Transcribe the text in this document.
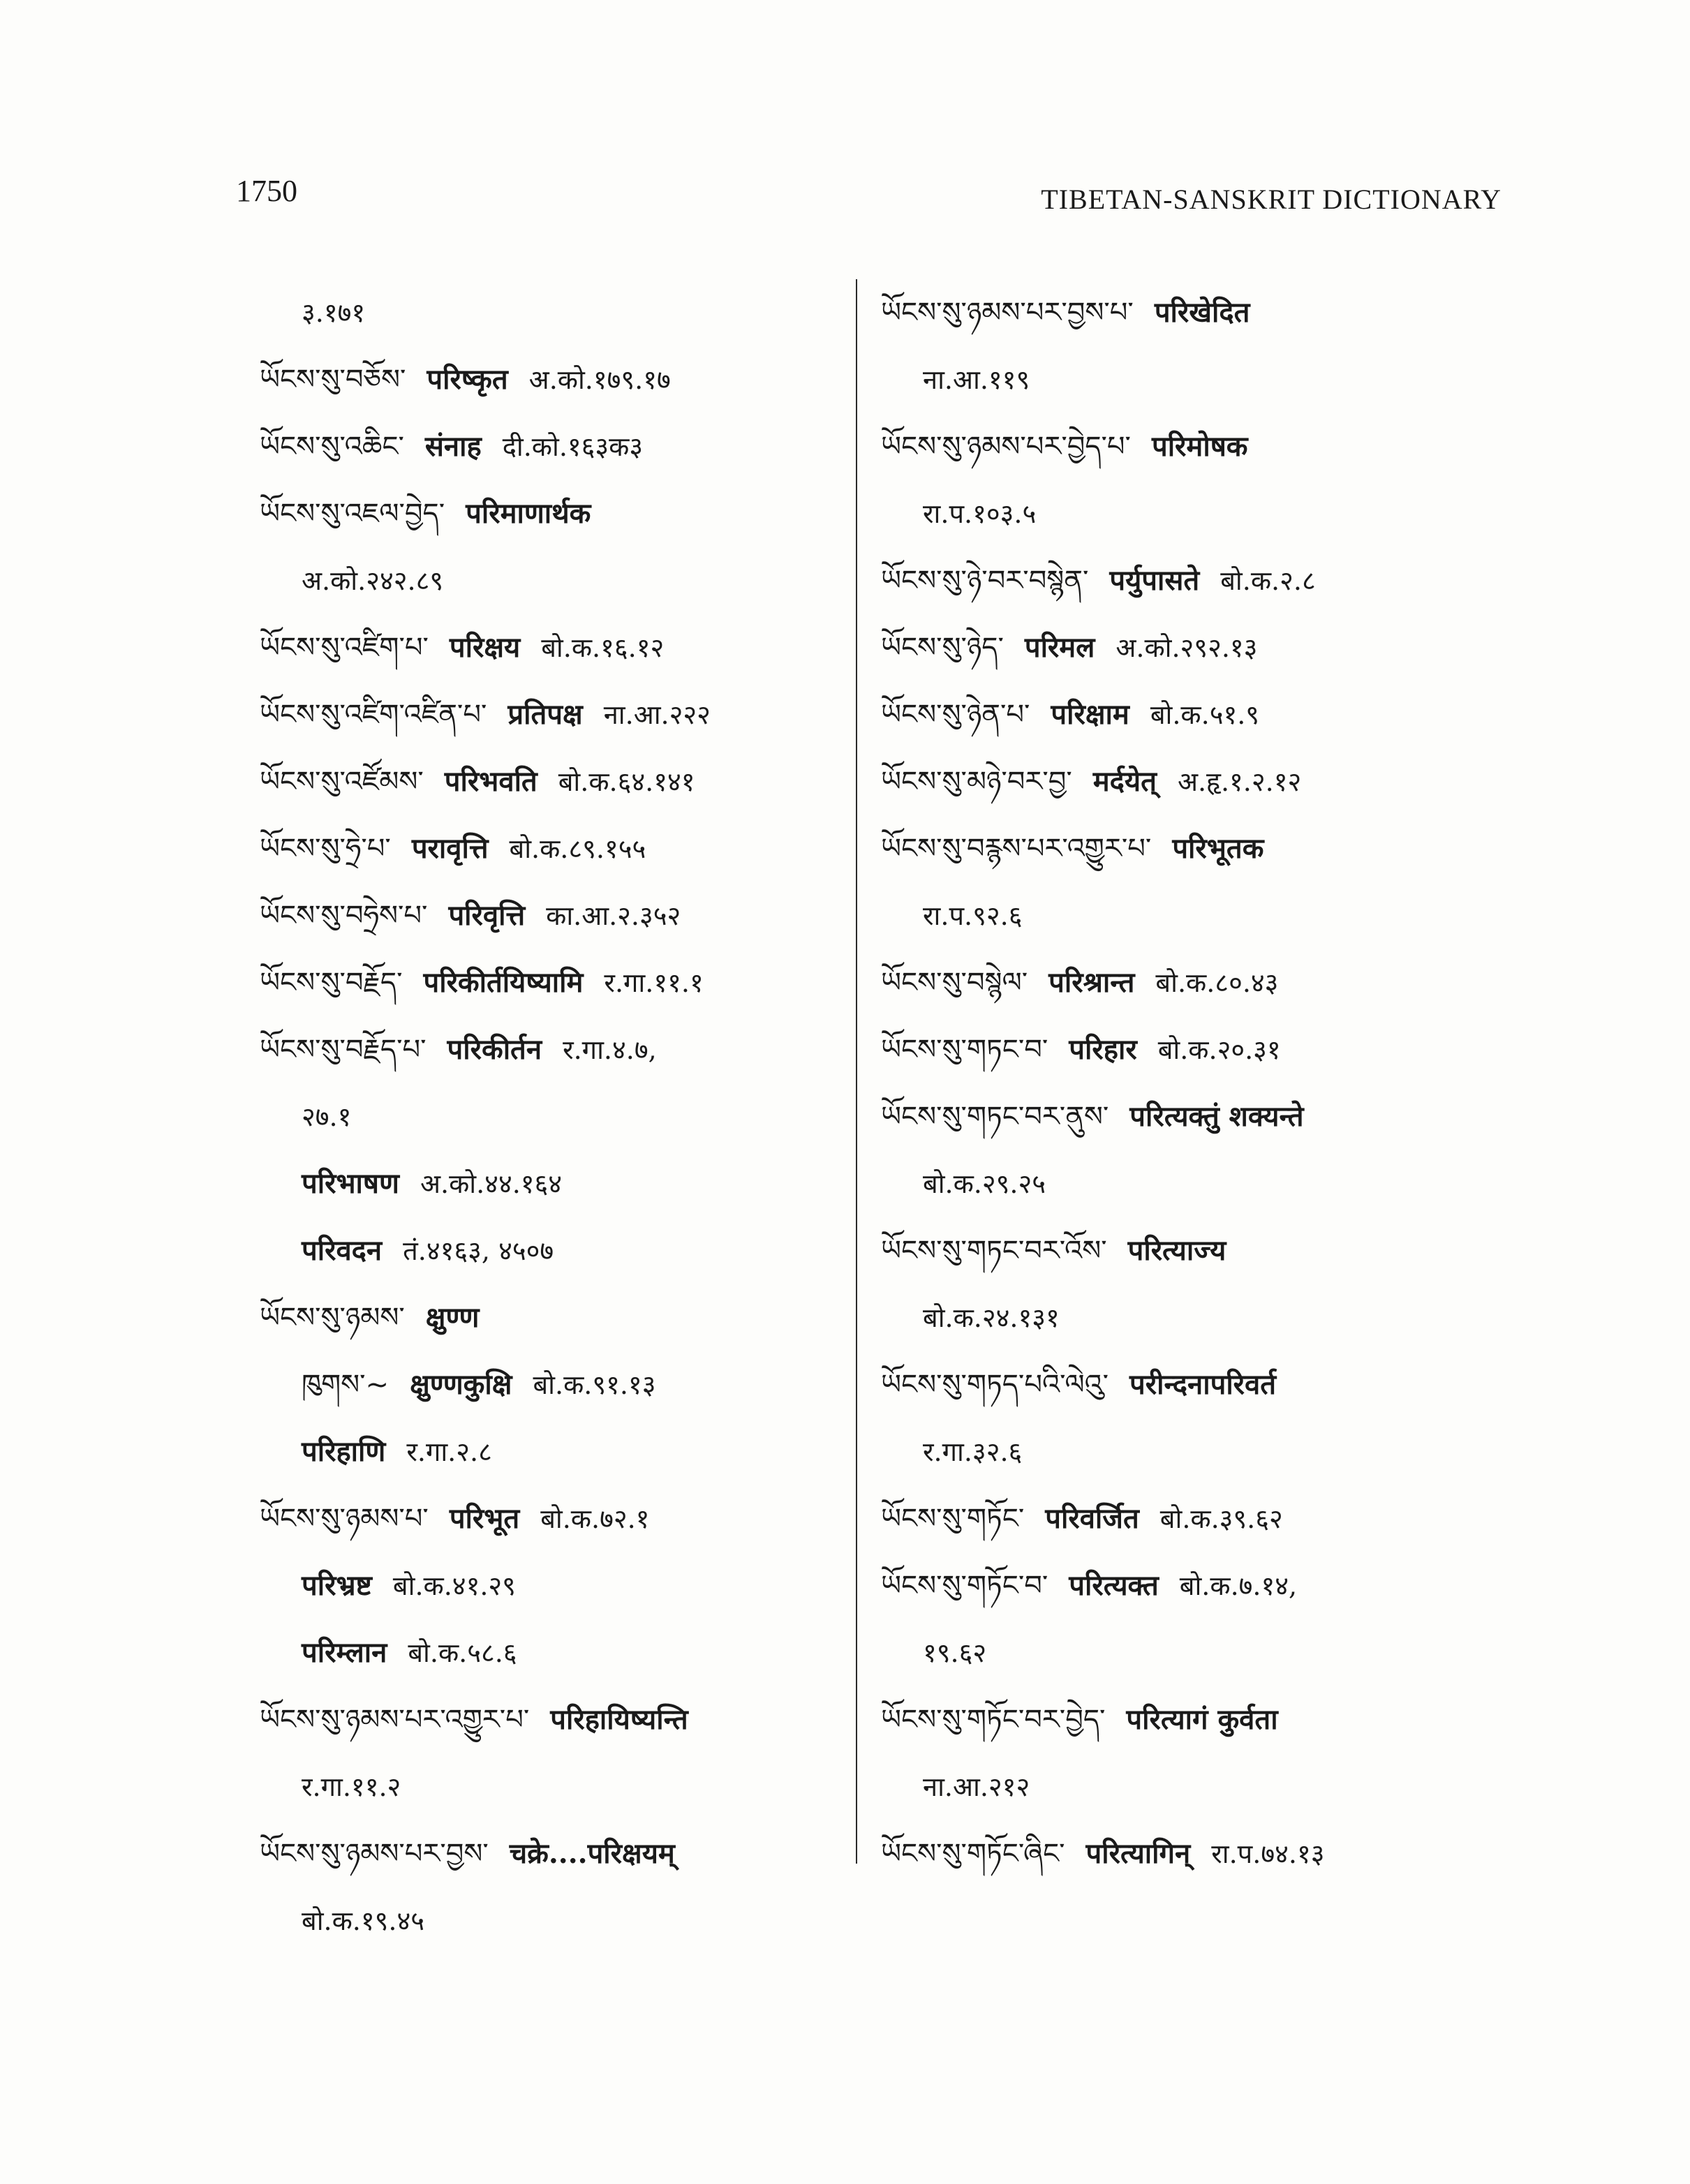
1750	TIBETAN-SANSKRIT DICTIONARY
३.१७१
ཡོངས་སུ་བཅོས་ परिष्कृत अ.को.१७९.१७
ཡོངས་སུ་འཆིང་ संनाह दी.को.१६३क३
ཡོངས་སུ་འཇལ་བྱེད་ परिमाणार्थक
अ.को.२४२.८९
ཡོངས་སུ་འཛིག་པ་ परिक्षय बो.क.१६.१२
ཡོངས་སུ་འཛིག་འཛིན་པ་ प्रतिपक्ष ना.आ.२२२
ཡོངས་སུ་འཛོམས་ परिभवति बो.क.६४.१४१
ཡོངས་སུ་ཧྲེ་པ་ परावृत्ति बो.क.८९.१५५
ཡོངས་སུ་བཧྲེས་པ་ परिवृत्ति का.आ.२.३५२
ཡོངས་སུ་བརྗོད་ परिकीर्तयिष्यामि र.गा.११.१
ཡོངས་སུ་བརྗོད་པ་ परिकीर्तन र.गा.४.७,
२७.१
परिभाषण अ.को.४४.१६४
परिवदन तं.४१६३, ४५०७
ཡོངས་སུ་ཉམས་ क्षुण्ण
ཁུགས་~ क्षुण्णकुक्षि बो.क.९१.१३
परिहाणि र.गा.२.८
ཡོངས་སུ་ཉམས་པ་ परिभूत बो.क.७२.१
परिभ्रष्ट बो.क.४१.२९
परिम्लान बो.क.५८.६
ཡོངས་སུ་ཉམས་པར་འགྱུར་པ་ परिहायिष्यन्ति
र.गा.११.२
ཡོངས་སུ་ཉམས་པར་བྱས་ चक्रे....परिक्षयम्
बो.क.१९.४५
ཡོངས་སུ་ཉམས་པར་བྱས་པ་ परिखेदित
ना.आ.११९
ཡོངས་སུ་ཉམས་པར་བྱེད་པ་ परिमोषक
रा.प.१०३.५
ཡོངས་སུ་ཉེ་བར་བསྙེན་ पर्युपासते बो.क.२.८
ཡོངས་སུ་ཉེད་ परिमल अ.को.२९२.१३
ཡོངས་སུ་ཉེན་པ་ परिक्षाम बो.क.५१.९
ཡོངས་སུ་མཉེ་བར་བྱ་ मर्दयेत् अ.हृ.१.२.१२
ཡོངས་སུ་བརྙས་པར་འགྱུར་པ་ परिभूतक
रा.प.९२.६
ཡོངས་སུ་བསྙེལ་ परिश्रान्त बो.क.८०.४३
ཡོངས་སུ་གཏང་བ་ परिहार बो.क.२०.३१
ཡོངས་སུ་གཏང་བར་ནུས་ परित्यक्तुं शक्यन्ते
बो.क.२९.२५
ཡོངས་སུ་གཏང་བར་འོས་ परित्याज्य
बो.क.२४.१३१
ཡོངས་སུ་གཏད་པའི་ལེའུ་ परीन्दनापरिवर्त
र.गा.३२.६
ཡོངས་སུ་གཏོང་ परिवर्जित बो.क.३९.६२
ཡོངས་སུ་གཏོང་བ་ परित्यक्त बो.क.७.१४,
१९.६२
ཡོངས་སུ་གཏོང་བར་བྱེད་ परित्यागं कुर्वता
ना.आ.२१२
ཡོངས་སུ་གཏོང་ཞིང་ परित्यागिन् रा.प.७४.१३
